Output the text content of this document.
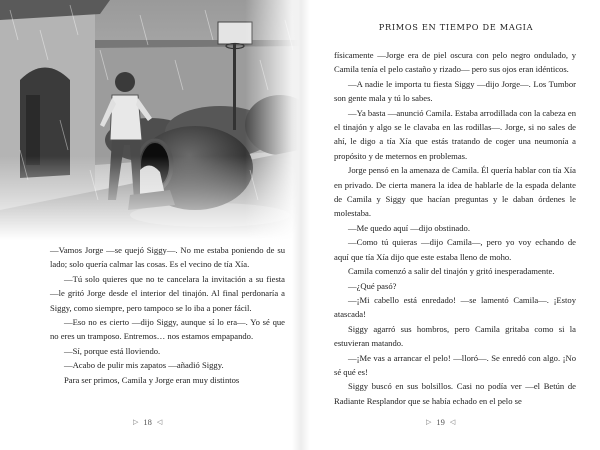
—Vamos Jorge —se quejó Siggy—. No me estaba poniendo de su lado; solo quería calmar las cosas. Es el vecino de tía Xía.

—Tú solo quieres que no te cancelara la invitación a su fiesta —le gritó Jorge desde el interior del tinajón. Al final perdonaría a Siggy, como siempre, pero tampoco se lo iba a poner fácil.

—Eso no es cierto —dijo Siggy, aunque sí lo era—. Yo sé que no eres un tramposo. Entremos… nos estamos empapando.

—Sí, porque está lloviendo.

—Acabo de pulir mis zapatos —añadió Siggy.

Para ser primos, Camila y Jorge eran muy distintos

▷ 18 ◁
PRIMOS EN TIEMPO DE MAGIA

físicamente —Jorge era de piel oscura con pelo negro ondulado, y Camila tenía el pelo castaño y rizado— pero sus ojos eran idénticos.

—A nadie le importa tu fiesta Siggy —dijo Jorge—. Los Tumbor son gente mala y tú lo sabes.

—Ya basta —anunció Camila. Estaba arrodillada con la cabeza en el tinajón y algo se le clavaba en las rodillas—. Jorge, si no sales de ahí, le digo a tía Xía que estás tratando de coger una neumonía a propósito y de meternos en problemas.

Jorge pensó en la amenaza de Camila. Él quería hablar con tía Xía en privado. De cierta manera la idea de hablarle de la espada delante de Camila y Siggy que hacían preguntas y le daban órdenes le molestaba.

—Me quedo aquí —dijo obstinado.

—Como tú quieras —dijo Camila—, pero yo voy echando de aquí que tía Xía dijo que este estaba lleno de moho.

Camila comenzó a salir del tinajón y gritó inesperadamente.

—¿Qué pasó?

—¡Mi cabello está enredado! —se lamentó Camila—. ¡Estoy atascada!

Siggy agarró sus hombros, pero Camila gritaba como si la estuvieran matando.

—¡Me vas a arrancar el pelo! —lloró—. Se enredó con algo. ¡No sé qué es!

Siggy buscó en sus bolsillos. Casi no podía ver —el Betún de Radiante Resplandor que se había echado en el pelo se

▷ 19 ◁
